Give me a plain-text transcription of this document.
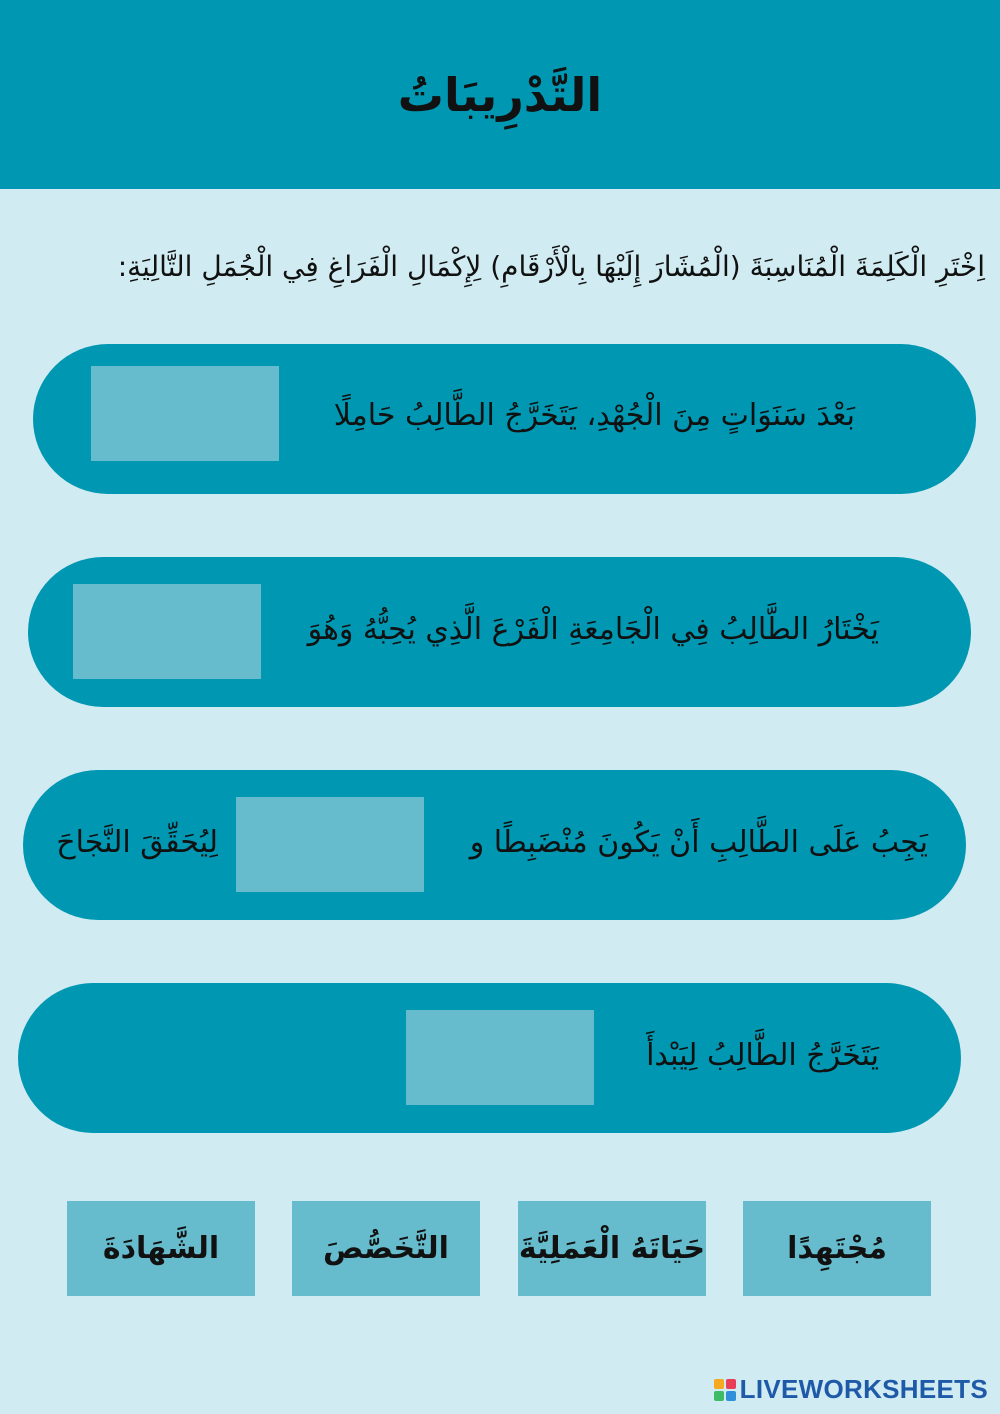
التَّدْرِيبَاتُ
اِخْتَرِ الْكَلِمَةَ الْمُنَاسِبَةَ (الْمُشَارَ إِلَيْهَا بِالْأَرْقَامِ) لِإِكْمَالِ الْفَرَاغِ فِي الْجُمَلِ التَّالِيَةِ:
بَعْدَ سَنَوَاتٍ مِنَ الْجُهْدِ، يَتَخَرَّجُ الطَّالِبُ حَامِلًا
يَخْتَارُ الطَّالِبُ فِي الْجَامِعَةِ الْفَرْعَ الَّذِي يُحِبُّهُ وَهُوَ
يَجِبُ عَلَى الطَّالِبِ أَنْ يَكُونَ مُنْضَبِطًا و
لِيُحَقِّقَ النَّجَاحَ
يَتَخَرَّجُ الطَّالِبُ لِيَبْدأَ
مُجْتَهِدًا
حَيَاتَهُ الْعَمَلِيَّةَ
التَّخَصُّصَ
الشَّهَادَةَ
LIVEWORKSHEETS
